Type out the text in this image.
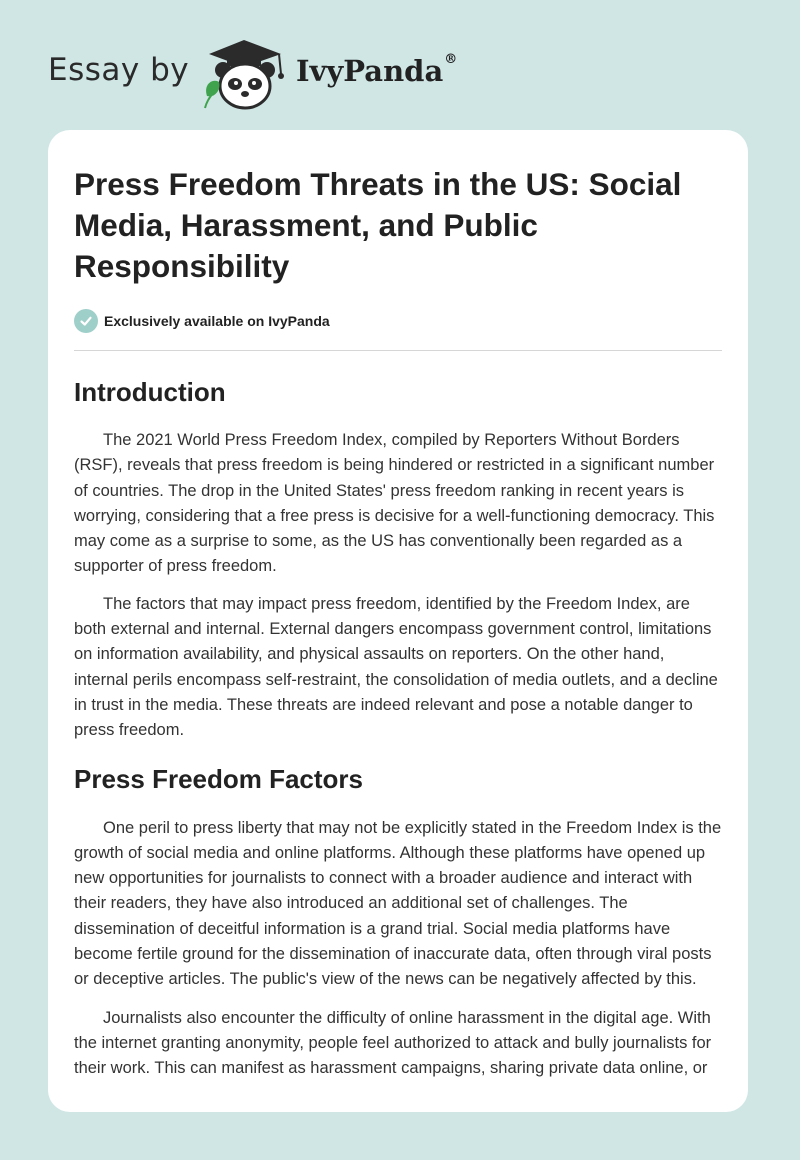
Essay by	IvyPanda®
Press Freedom Threats in the US: Social Media, Harassment, and Public Responsibility
Exclusively available on IvyPanda
Introduction

The 2021 World Press Freedom Index, compiled by Reporters Without Borders (RSF), reveals that press freedom is being hindered or restricted in a significant number of countries. The drop in the United States' press freedom ranking in recent years is worrying, considering that a free press is decisive for a well-functioning democracy. This may come as a surprise to some, as the US has conventionally been regarded as a supporter of press freedom.

The factors that may impact press freedom, identified by the Freedom Index, are both external and internal. External dangers encompass government control, limitations on information availability, and physical assaults on reporters. On the other hand, internal perils encompass self-restraint, the consolidation of media outlets, and a decline in trust in the media. These threats are indeed relevant and pose a notable danger to press freedom.

Press Freedom Factors

One peril to press liberty that may not be explicitly stated in the Freedom Index is the growth of social media and online platforms. Although these platforms have opened up new opportunities for journalists to connect with a broader audience and interact with their readers, they have also introduced an additional set of challenges. The dissemination of deceitful information is a grand trial. Social media platforms have become fertile ground for the dissemination of inaccurate data, often through viral posts or deceptive articles. The public's view of the news can be negatively affected by this.

Journalists also encounter the difficulty of online harassment in the digital age. With the internet granting anonymity, people feel authorized to attack and bully journalists for their work. This can manifest as harassment campaigns, sharing private data online, or
